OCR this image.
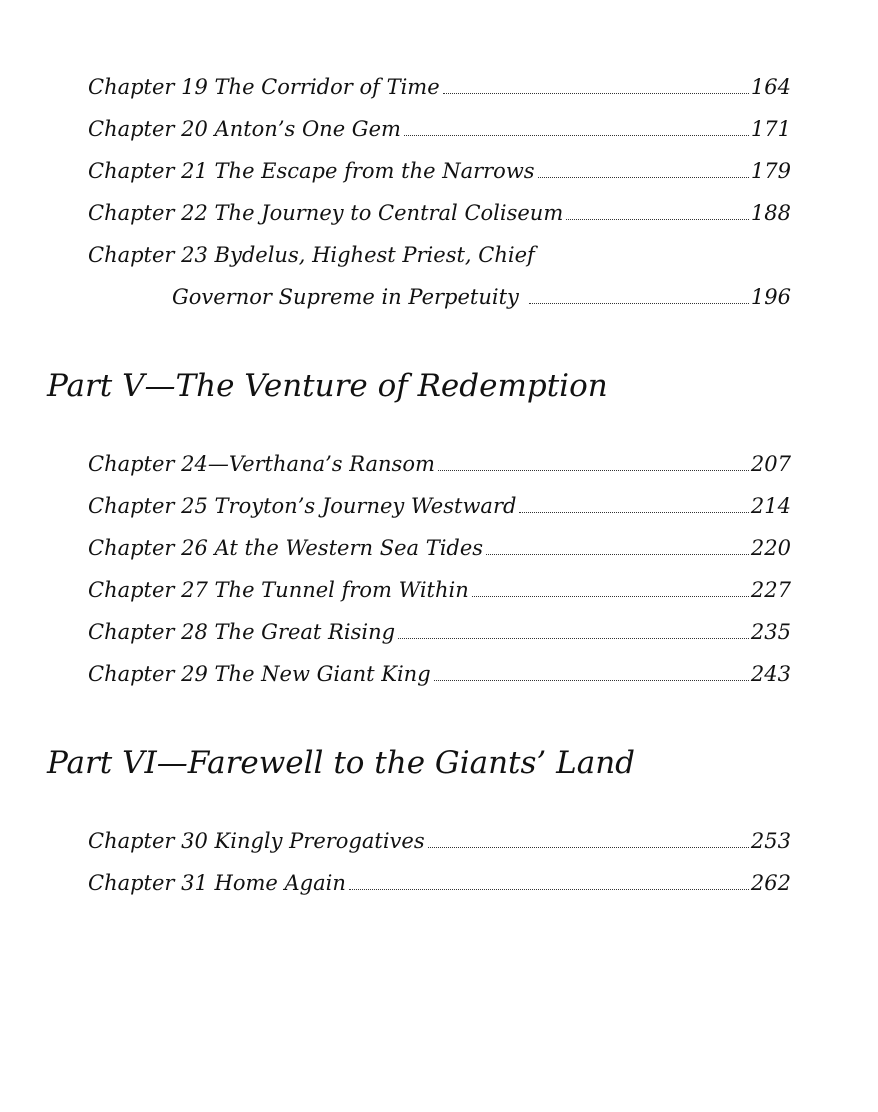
Chapter 19 The Corridor of Time	164
Chapter 20 Anton’s One Gem	171
Chapter 21 The Escape from the Narrows	179
Chapter 22 The Journey to Central Coliseum	188
Chapter 23 Bydelus, Highest Priest, Chief
Governor Supreme in Perpetuity	196
Part V—The Venture of Redemption
Chapter 24—Verthana’s Ransom	207
Chapter 25 Troyton’s Journey Westward	214
Chapter 26 At the Western Sea Tides	220
Chapter 27 The Tunnel from Within	227
Chapter 28 The Great Rising	235
Chapter 29 The New Giant King	243
Part VI—Farewell to the Giants’ Land
Chapter 30 Kingly Prerogatives	253
Chapter 31 Home Again	262
